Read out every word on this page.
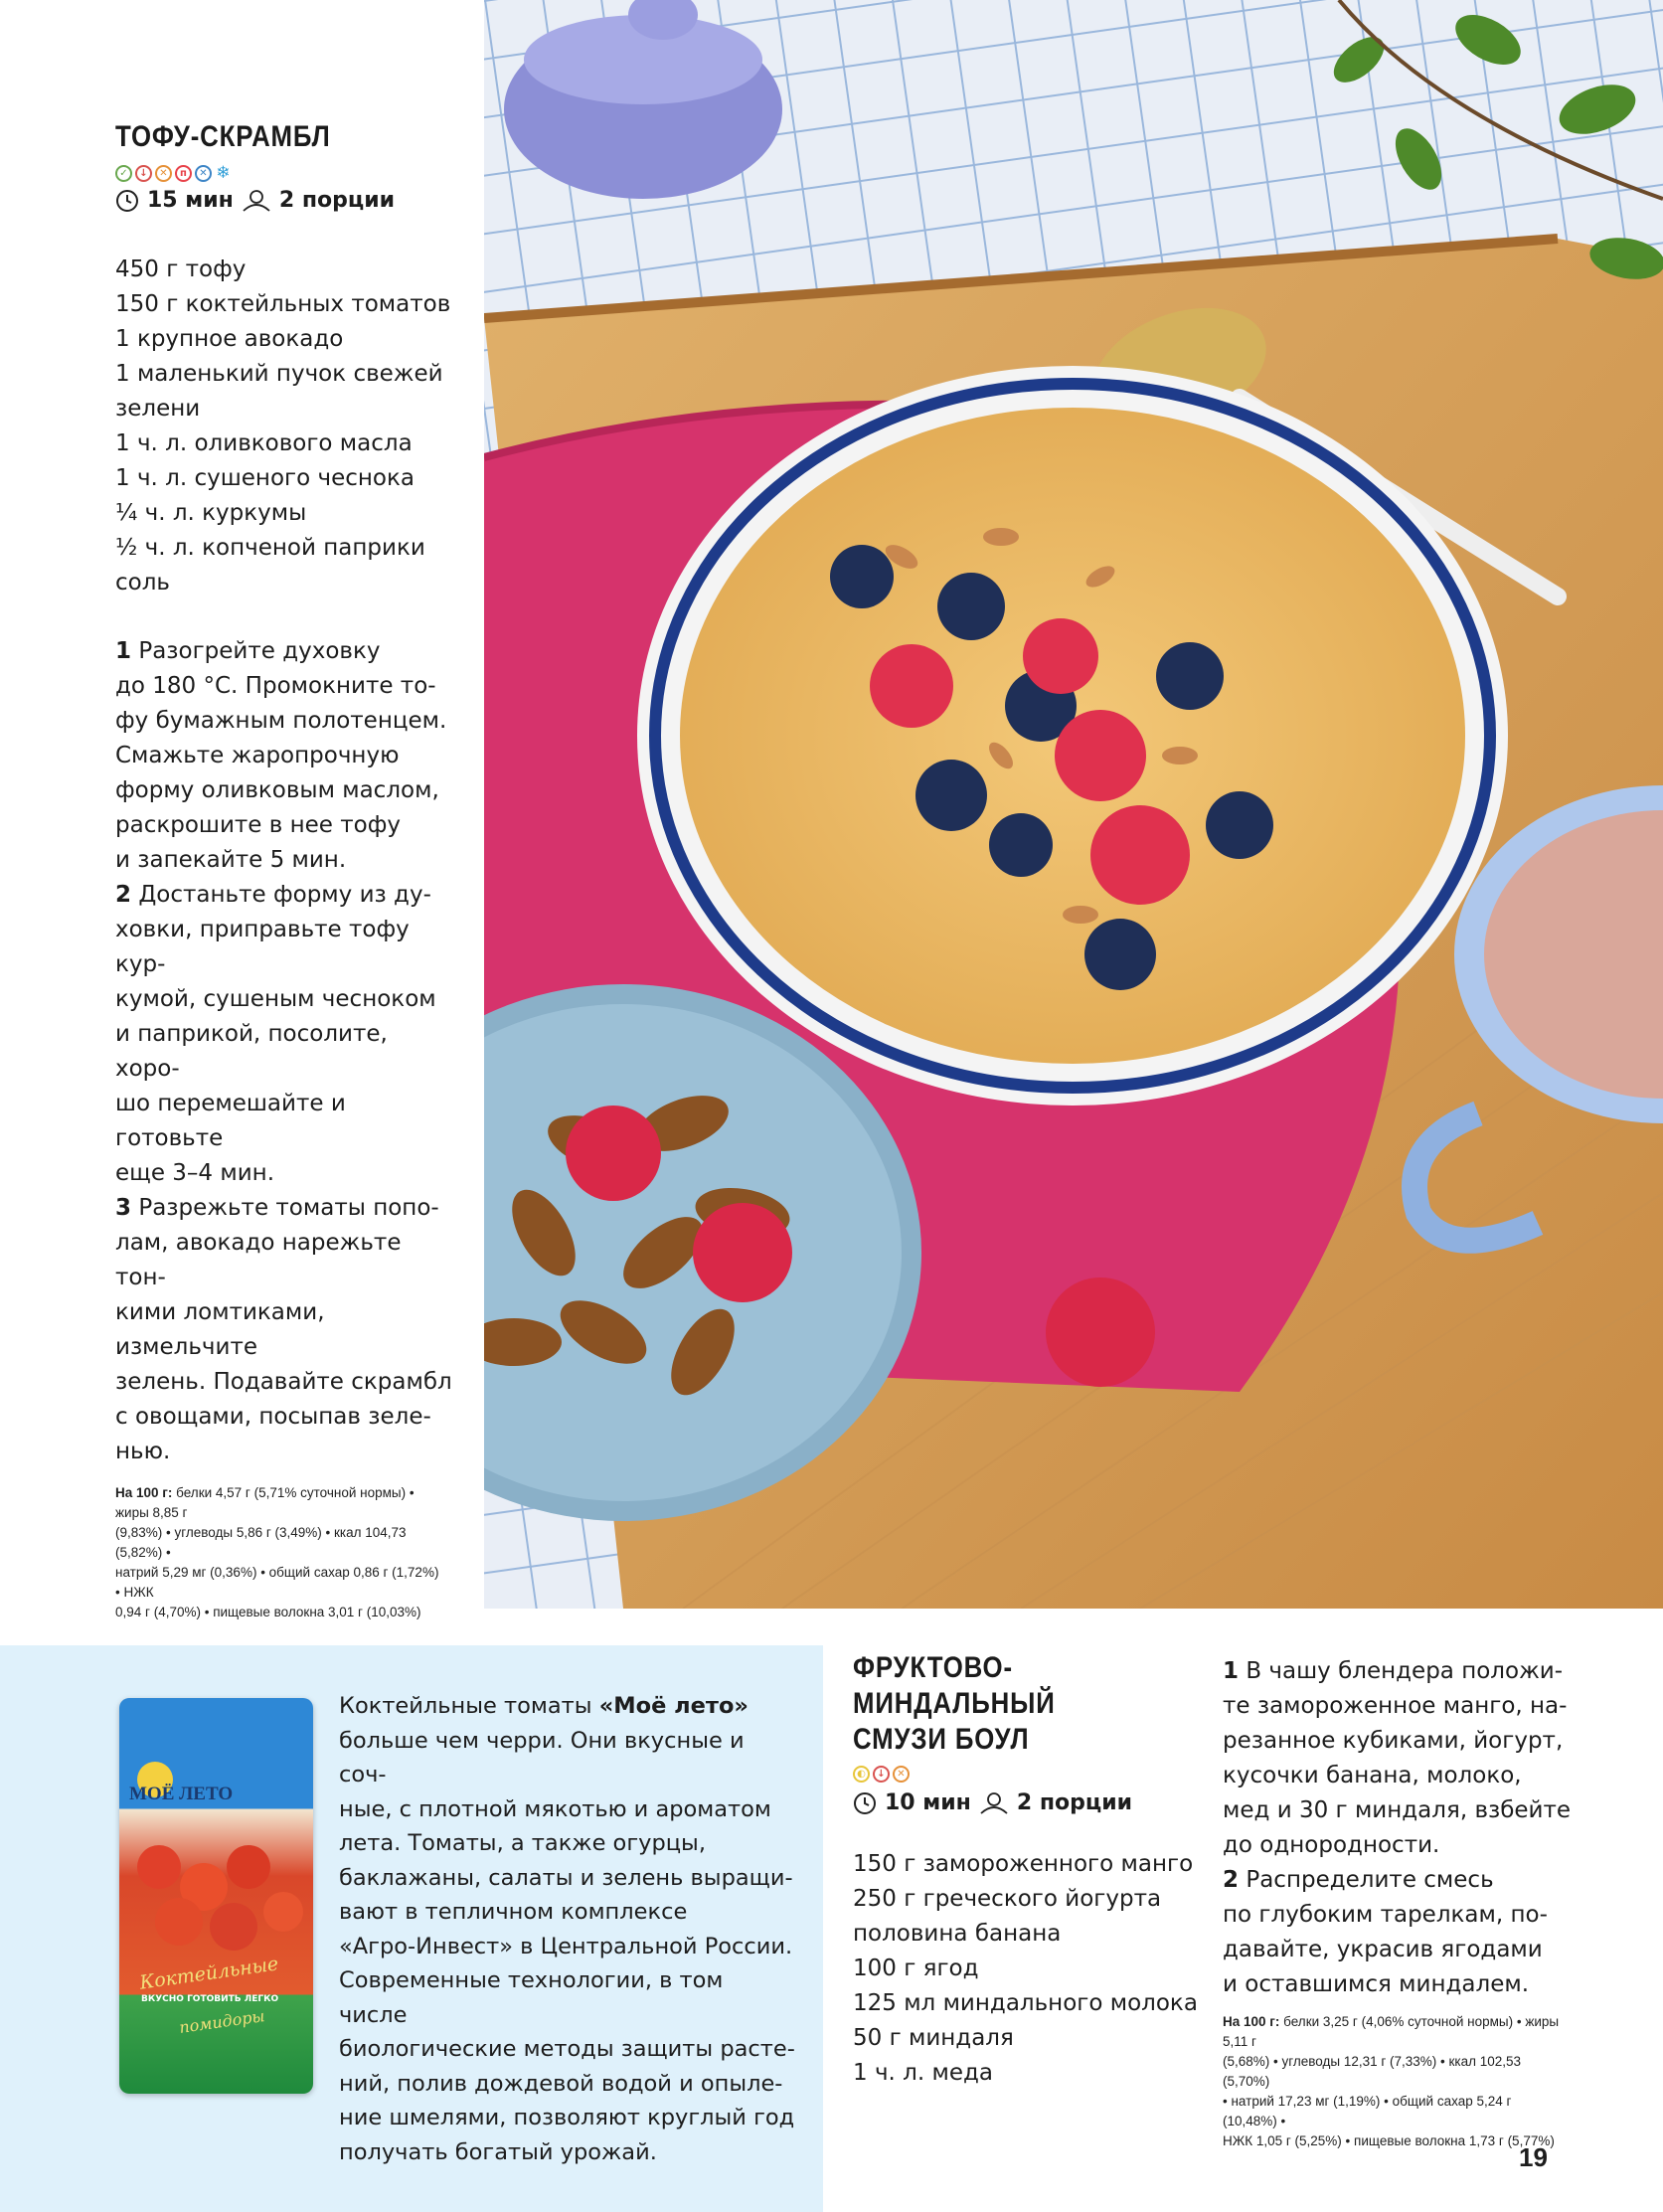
ТОФУ-СКРАМБЛ
✓	↓	✕	п	✕ ❄
15 мин 2 порции
450 г тофу
150 г коктейльных томатов
1 крупное авокадо
1 маленький пучок свежей
зелени
1 ч. л. оливкового масла
1 ч. л. сушеного чеснока
¼ ч. л. куркумы
½ ч. л. копченой паприки
соль

1 Разогрейте духовку

до 180 °С. Промокните то-

фу бумажным полотенцем.

Смажьте жаропрочную

форму оливковым маслом,

раскрошите в нее тофу

и запекайте 5 мин.

2 Достаньте форму из ду-

ховки, приправьте тофу кур-

кумой, сушеным чесноком

и паприкой, посолите, хоро-

шо перемешайте и готовьте

еще 3–4 мин.

3 Разрежьте томаты попо-

лам, авокадо нарежьте тон-

кими ломтиками, измельчите

зелень. Подавайте скрамбл

с овощами, посыпав зеле-

нью.

На 100 г: белки 4,57 г (5,71% суточной нормы) • жиры 8,85 г
(9,83%) • углеводы 5,86 г (3,49%) • ккал 104,73 (5,82%) •
натрий 5,29 мг (0,36%) • общий сахар 0,86 г (1,72%) • НЖК
0,94 г (4,70%) • пищевые волокна 3,01 г (10,03%)
МОЁ ЛЕТО
Коктейльные
ВКУСНО ГОТОВИТЬ ЛЕГКО
помидоры
Коктейльные томаты «Моё лето»
больше чем черри. Они вкусные и соч-
ные, с плотной мякотью и ароматом
лета. Томаты, а также огурцы,
баклажаны, салаты и зелень выращи-
вают в тепличном комплексе
«Агро-Инвест» в Центральной России.
Современные технологии, в том числе
биологические методы защиты расте-
ний, полив дождевой водой и опыле-
ние шмелями, позволяют круглый год
получать богатый урожай.
ФРУКТОВО-МИНДАЛЬНЫЙ
СМУЗИ БОУЛ
◐	↓	✕
10 мин 2 порции
150 г замороженного манго
250 г греческого йогурта
половина банана
100 г ягод
125 мл миндального молока
50 г миндаля
1 ч. л. меда

1 В чашу блендера положи-

те замороженное манго, на-

резанное кубиками, йогурт,

кусочки банана, молоко,

мед и 30 г миндаля, взбейте

до однородности.

2 Распределите смесь

по глубоким тарелкам, по-

давайте, украсив ягодами

и оставшимся миндалем.

На 100 г: белки 3,25 г (4,06% суточной нормы) • жиры 5,11 г
(5,68%) • углеводы 12,31 г (7,33%) • ккал 102,53 (5,70%)
• натрий 17,23 мг (1,19%) • общий сахар 5,24 г (10,48%) •
НЖК 1,05 г (5,25%) • пищевые волокна 1,73 г (5,77%)
19
